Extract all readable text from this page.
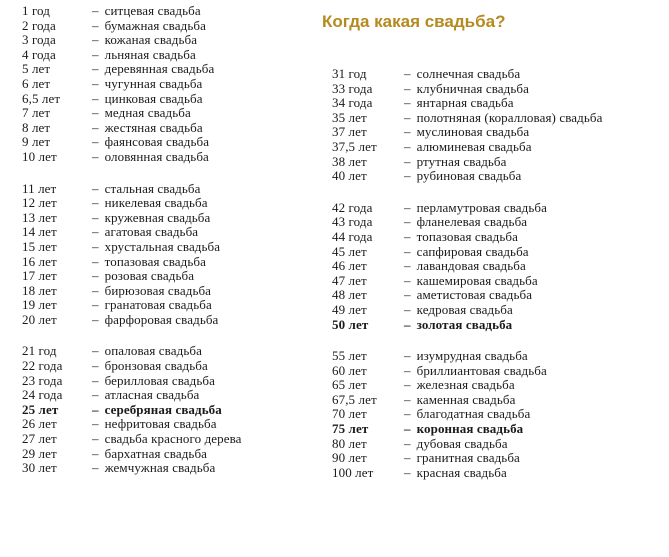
Когда какая свадьба?
1 год	– ситцевая свадьба
2 года	– бумажная свадьба
3 года	– кожаная свадьба
4 года	– льняная свадьба
5 лет	– деревянная свадьба
6 лет	– чугунная свадьба
6,5 лет – цинковая свадьба
7 лет	– медная свадьба
8 лет	– жестяная свадьба
9 лет	– фаянсовая свадьба
10 лет	– оловянная свадьба
11 лет	– стальная свадьба
12 лет	– никелевая свадьба
13 лет	– кружевная свадьба
14 лет	– агатовая свадьба
15 лет	– хрустальная свадьба
16 лет	– топазовая свадьба
17 лет	– розовая свадьба
18 лет	– бирюзовая свадьба
19 лет	– гранатовая свадьба
20 лет	– фарфоровая свадьба
21 год	– опаловая свадьба
22 года – бронзовая свадьба
23 года – берилловая свадьба
24 года – атласная свадьба
25 лет	– серебряная свадьба
26 лет	– нефритовая свадьба
27 лет	– свадьба красного дерева
29 лет	– бархатная свадьба
30 лет	– жемчужная свадьба
31 год	– солнечная свадьба
33 года – клубничная свадьба
34 года – янтарная свадьба
35 лет	– полотняная (коралловая) свадьба
37 лет	– муслиновая свадьба
37,5 лет – алюминевая свадьба
38 лет	– ртутная свадьба
40 лет	– рубиновая свадьба
42 года – перламутровая свадьба
43 года – фланелевая свадьба
44 года – топазовая свадьба
45 лет	– сапфировая свадьба
46 лет	– лавандовая свадьба
47 лет	– кашемировая свадьба
48 лет	– аметистовая свадьба
49 лет	– кедровая свадьба
50 лет	– золотая свадьба
55 лет	– изумрудная свадьба
60 лет	– бриллиантовая свадьба
65 лет	– железная свадьба
67,5 лет – каменная свадьба
70 лет	– благодатная свадьба
75 лет	– коронная свадьба
80 лет	– дубовая свадьба
90 лет	– гранитная свадьба
100 лет – красная свадьба
